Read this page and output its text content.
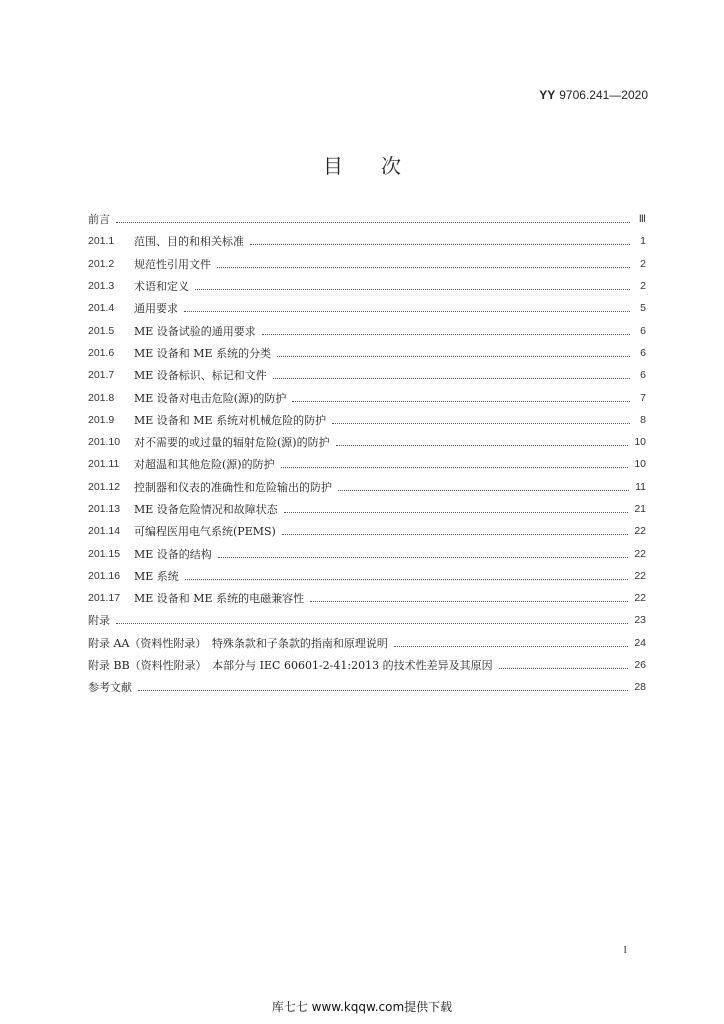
YY 9706.241—2020
目次
前言	Ⅲ
201.1	范围、目的和相关标准	1
201.2	规范性引用文件	2
201.3	术语和定义	2
201.4	通用要求	5
201.5	ME 设备试验的通用要求	6
201.6	ME 设备和 ME 系统的分类	6
201.7	ME 设备标识、标记和文件	6
201.8	ME 设备对电击危险(源)的防护	7
201.9	ME 设备和 ME 系统对机械危险的防护	8
201.10	对不需要的或过量的辐射危险(源)的防护	10
201.11	对超温和其他危险(源)的防护	10
201.12	控制器和仪表的准确性和危险输出的防护	11
201.13	ME 设备危险情况和故障状态	21
201.14	可编程医用电气系统(PEMS)	22
201.15	ME 设备的结构	22
201.16	ME 系统	22
201.17	ME 设备和 ME 系统的电磁兼容性	22
附录	23
附录 AA（资料性附录）　特殊条款和子条款的指南和原理说明	24
附录 BB（资料性附录）　本部分与 IEC 60601-2-41:2013 的技术性差异及其原因	26
参考文献	28
I
库七七 www.kqqw.com提供下载
